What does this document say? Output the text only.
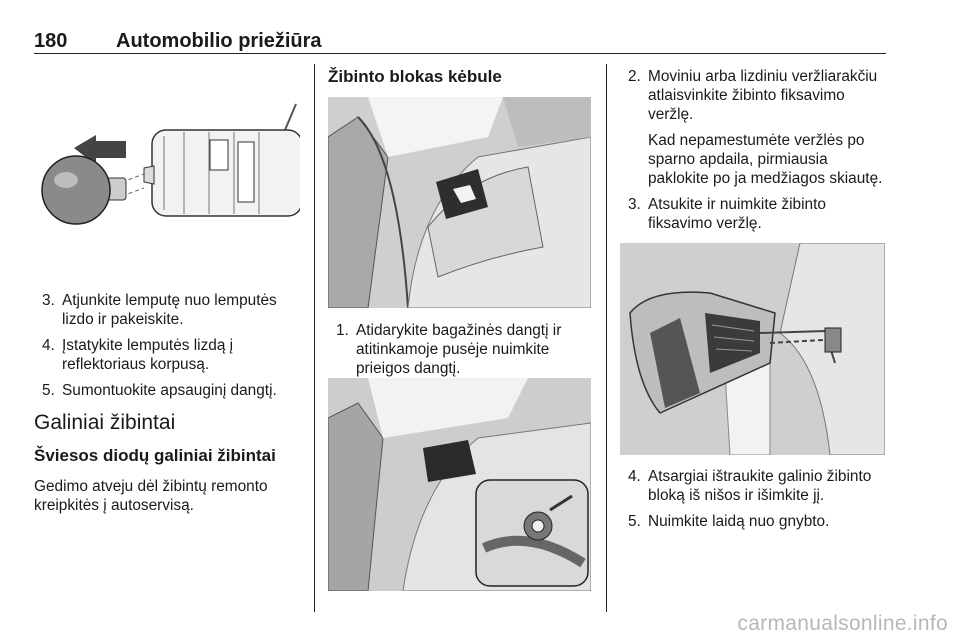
180 Automobilio priežiūra
3. Atjunkite lemputę nuo lemputės lizdo ir pakeiskite.
4. Įstatykite lemputės lizdą į reflektoriaus korpusą.
5. Sumontuokite apsauginį dangtį.
Galiniai žibintai
Šviesos diodų galiniai žibintai

Gedimo atveju dėl žibintų remonto kreipkitės į autoservisą.

Žibinto blokas kėbule
1. Atidarykite bagažinės dangtį ir atitinkamoje pusėje nuimkite prieigos dangtį.
2. Moviniu arba lizdiniu veržliarakčiu atlaisvinkite žibinto fiksavimo veržlę.
Kad nepamestumėte veržlės po sparno apdaila, pirmiausia paklokite po ja medžiagos skiautę.
3. Atsukite ir nuimkite žibinto fiksavimo veržlę.
4. Atsargiai ištraukite galinio žibinto bloką iš nišos ir išimkite jį.
5. Nuimkite laidą nuo gnybto.
carmanualsonline.info
